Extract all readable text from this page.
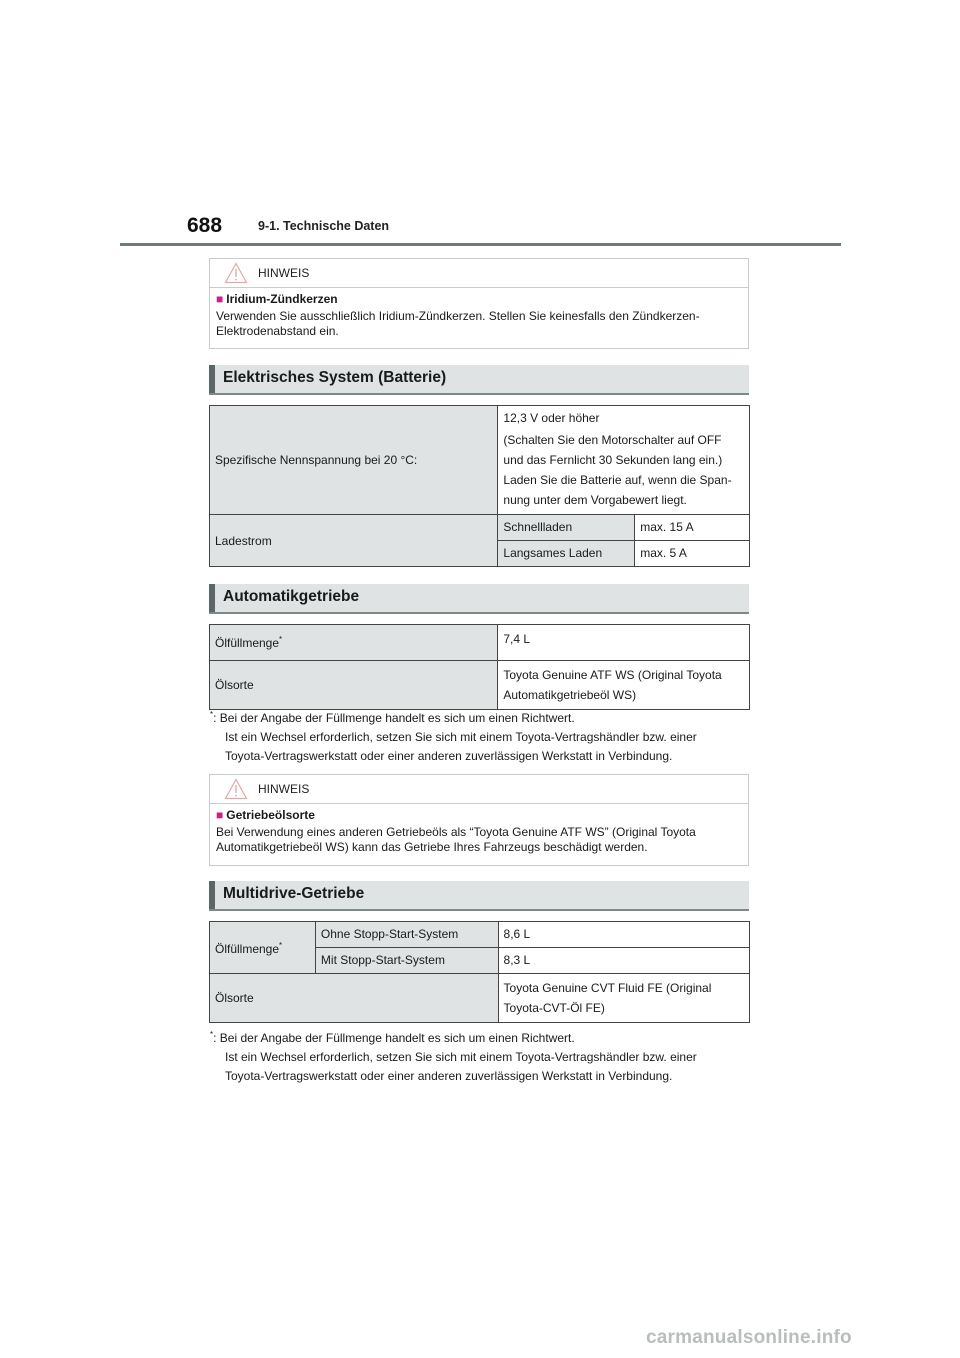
688	9-1. Technische Daten
HINWEIS
■ Iridium-Zündkerzen
Verwenden Sie ausschließlich Iridium-Zündkerzen. Stellen Sie keinesfalls den Zündkerzen-Elektrodenabstand ein.
Elektrisches System (Batterie)
Spezifische Nennspannung bei 20 °C:	12,3 V oder höher
(Schalten Sie den Motorschalter auf OFF
und das Fernlicht 30 Sekunden lang ein.)
Laden Sie die Batterie auf, wenn die Span-
nung unter dem Vorgabewert liegt.	

Ladestrom	Schnellladen	max. 15 A
	Langsames Laden	max. 5 A
Automatikgetriebe
Ölfüllmenge*	7,4 L
Ölsorte	Toyota Genuine ATF WS (Original Toyota
Automatikgetriebeöl WS)
*: Bei der Angabe der Füllmenge handelt es sich um einen Richtwert.
Ist ein Wechsel erforderlich, setzen Sie sich mit einem Toyota-Vertragshändler bzw. einer
Toyota-Vertragswerkstatt oder einer anderen zuverlässigen Werkstatt in Verbindung.
HINWEIS
■ Getriebeölsorte
Bei Verwendung eines anderen Getriebeöls als “Toyota Genuine ATF WS” (Original Toyota Automatikgetriebeöl WS) kann das Getriebe Ihres Fahrzeugs beschädigt werden.
Multidrive-Getriebe
Ölfüllmenge*	Ohne Stopp-Start-System	8,6 L
	Mit Stopp-Start-System	8,3 L
Ölsorte		Toyota Genuine CVT Fluid FE (Original
Toyota-CVT-Öl FE)
*: Bei der Angabe der Füllmenge handelt es sich um einen Richtwert.
Ist ein Wechsel erforderlich, setzen Sie sich mit einem Toyota-Vertragshändler bzw. einer
Toyota-Vertragswerkstatt oder einer anderen zuverlässigen Werkstatt in Verbindung.
carmanualsonline.info
